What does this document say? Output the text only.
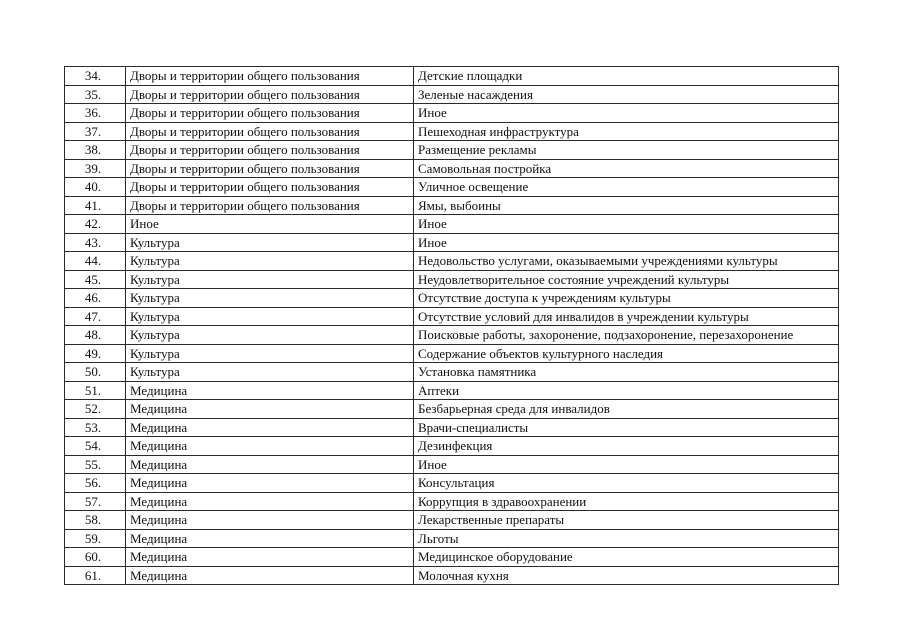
34.	Дворы и территории общего пользования	Детские площадки
35.	Дворы и территории общего пользования	Зеленые насаждения
36.	Дворы и территории общего пользования	Иное
37.	Дворы и территории общего пользования	Пешеходная инфраструктура
38.	Дворы и территории общего пользования	Размещение рекламы
39.	Дворы и территории общего пользования	Самовольная постройка
40.	Дворы и территории общего пользования	Уличное освещение
41.	Дворы и территории общего пользования	Ямы, выбоины
42.	Иное	Иное
43.	Культура	Иное
44.	Культура	Недовольство услугами, оказываемыми учреждениями культуры
45.	Культура	Неудовлетворительное состояние учреждений культуры
46.	Культура	Отсутствие доступа к учреждениям культуры
47.	Культура	Отсутствие условий для инвалидов в учреждении культуры
48.	Культура	Поисковые работы, захоронение, подзахоронение, перезахоронение
49.	Культура	Содержание объектов культурного наследия
50.	Культура	Установка памятника
51.	Медицина	Аптеки
52.	Медицина	Безбарьерная среда для инвалидов
53.	Медицина	Врачи-специалисты
54.	Медицина	Дезинфекция
55.	Медицина	Иное
56.	Медицина	Консультация
57.	Медицина	Коррупция в здравоохранении
58.	Медицина	Лекарственные препараты
59.	Медицина	Льготы
60.	Медицина	Медицинское оборудование
61.	Медицина	Молочная кухня
